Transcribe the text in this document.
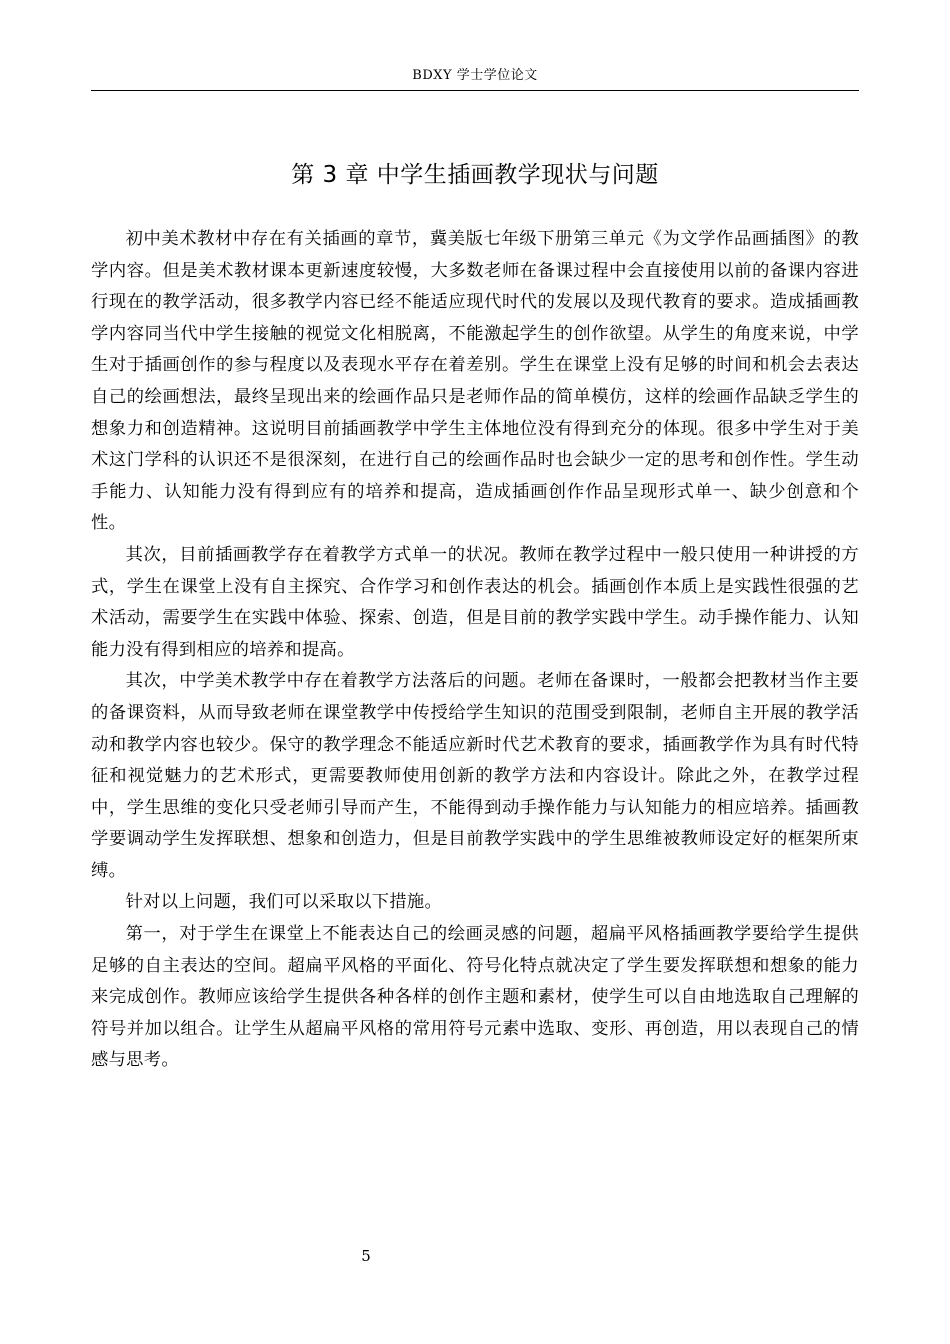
BDXY 学士学位论文
第 3 章 中学生插画教学现状与问题

初中美术教材中存在有关插画的章节，冀美版七年级下册第三单元《为文学作品画插图》的教学内容。但是美术教材课本更新速度较慢，大多数老师在备课过程中会直接使用以前的备课内容进行现在的教学活动，很多教学内容已经不能适应现代时代的发展以及现代教育的要求。造成插画教学内容同当代中学生接触的视觉文化相脱离，不能激起学生的创作欲望。从学生的角度来说，中学生对于插画创作的参与程度以及表现水平存在着差别。学生在课堂上没有足够的时间和机会去表达自己的绘画想法，最终呈现出来的绘画作品只是老师作品的简单模仿，这样的绘画作品缺乏学生的想象力和创造精神。这说明目前插画教学中学生主体地位没有得到充分的体现。很多中学生对于美术这门学科的认识还不是很深刻，在进行自己的绘画作品时也会缺少一定的思考和创作性。学生动手能力、认知能力没有得到应有的培养和提高，造成插画创作作品呈现形式单一、缺少创意和个性。

其次，目前插画教学存在着教学方式单一的状况。教师在教学过程中一般只使用一种讲授的方式，学生在课堂上没有自主探究、合作学习和创作表达的机会。插画创作本质上是实践性很强的艺术活动，需要学生在实践中体验、探索、创造，但是目前的教学实践中学生。动手操作能力、认知能力没有得到相应的培养和提高。

其次，中学美术教学中存在着教学方法落后的问题。老师在备课时，一般都会把教材当作主要的备课资料，从而导致老师在课堂教学中传授给学生知识的范围受到限制，老师自主开展的教学活动和教学内容也较少。保守的教学理念不能适应新时代艺术教育的要求，插画教学作为具有时代特征和视觉魅力的艺术形式，更需要教师使用创新的教学方法和内容设计。除此之外，在教学过程中，学生思维的变化只受老师引导而产生，不能得到动手操作能力与认知能力的相应培养。插画教学要调动学生发挥联想、想象和创造力，但是目前教学实践中的学生思维被教师设定好的框架所束缚。

针对以上问题，我们可以采取以下措施。

第一，对于学生在课堂上不能表达自己的绘画灵感的问题，超扁平风格插画教学要给学生提供足够的自主表达的空间。超扁平风格的平面化、符号化特点就决定了学生要发挥联想和想象的能力来完成创作。教师应该给学生提供各种各样的创作主题和素材，使学生可以自由地选取自己理解的符号并加以组合。让学生从超扁平风格的常用符号元素中选取、变形、再创造，用以表现自己的情感与思考。

5
